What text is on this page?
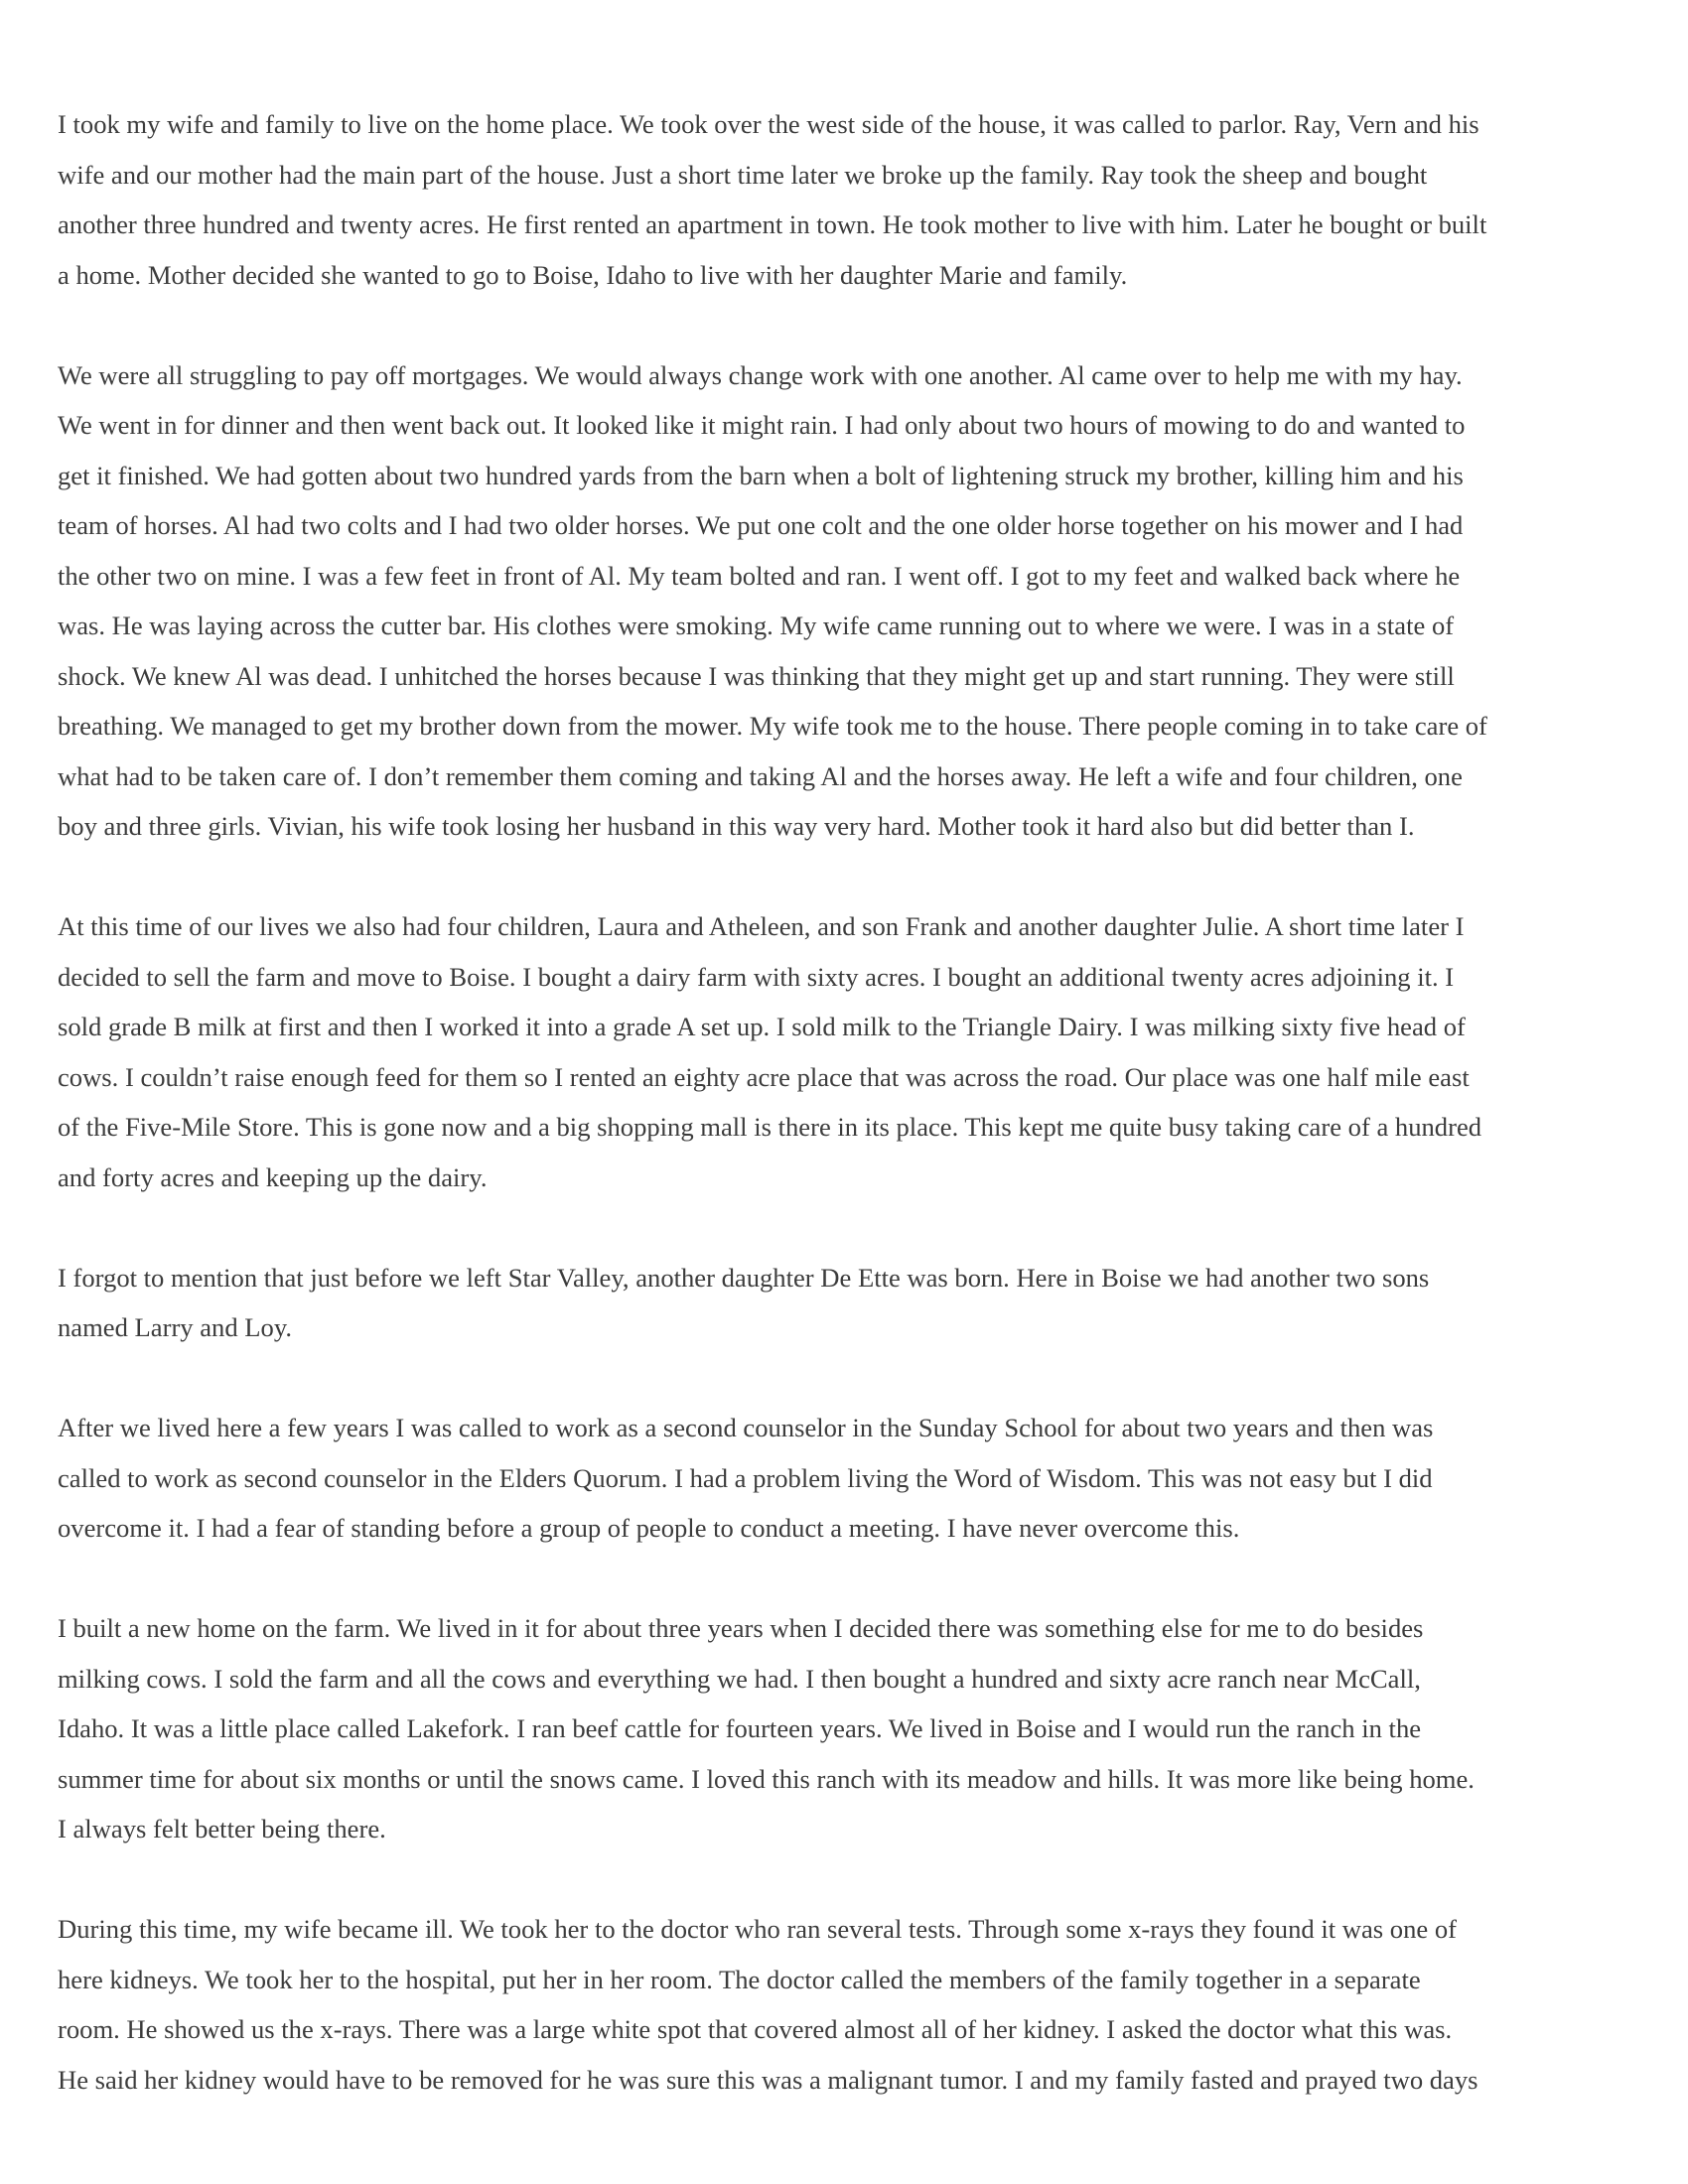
I took my wife and family to live on the home place. We took over the west side of the house, it was called to parlor. Ray, Vern and his
wife and our mother had the main part of the house. Just a short time later we broke up the family. Ray took the sheep and bought
another three hundred and twenty acres. He first rented an apartment in town. He took mother to live with him. Later he bought or built
a home. Mother decided she wanted to go to Boise, Idaho to live with her daughter Marie and family.
We were all struggling to pay off mortgages. We would always change work with one another. Al came over to help me with my hay.
We went in for dinner and then went back out. It looked like it might rain. I had only about two hours of mowing to do and wanted to
get it finished. We had gotten about two hundred yards from the barn when a bolt of lightening struck my brother, killing him and his
team of horses. Al had two colts and I had two older horses. We put one colt and the one older horse together on his mower and I had
the other two on mine. I was a few feet in front of Al. My team bolted and ran. I went off. I got to my feet and walked back where he
was. He was laying across the cutter bar. His clothes were smoking. My wife came running out to where we were. I was in a state of
shock. We knew Al was dead. I unhitched the horses because I was thinking that they might get up and start running. They were still
breathing. We managed to get my brother down from the mower. My wife took me to the house. There people coming in to take care of
what had to be taken care of. I don’t remember them coming and taking Al and the horses away. He left a wife and four children, one
boy and three girls. Vivian, his wife took losing her husband in this way very hard. Mother took it hard also but did better than I.
At this time of our lives we also had four children, Laura and Atheleen, and son Frank and another daughter Julie. A short time later I
decided to sell the farm and move to Boise. I bought a dairy farm with sixty acres. I bought an additional twenty acres adjoining it. I
sold grade B milk at first and then I worked it into a grade A set up. I sold milk to the Triangle Dairy. I was milking sixty five head of
cows. I couldn’t raise enough feed for them so I rented an eighty acre place that was across the road. Our place was one half mile east
of the Five-Mile Store. This is gone now and a big shopping mall is there in its place. This kept me quite busy taking care of a hundred
and forty acres and keeping up the dairy.
I forgot to mention that just before we left Star Valley, another daughter De Ette was born. Here in Boise we had another two sons
named Larry and Loy.
After we lived here a few years I was called to work as a second counselor in the Sunday School for about two years and then was
called to work as second counselor in the Elders Quorum. I had a problem living the Word of Wisdom. This was not easy but I did
overcome it. I had a fear of standing before a group of people to conduct a meeting. I have never overcome this.
I built a new home on the farm. We lived in it for about three years when I decided there was something else for me to do besides
milking cows. I sold the farm and all the cows and everything we had. I then bought a hundred and sixty acre ranch near McCall,
Idaho. It was a little place called Lakefork. I ran beef cattle for fourteen years. We lived in Boise and I would run the ranch in the
summer time for about six months or until the snows came. I loved this ranch with its meadow and hills. It was more like being home.
I always felt better being there.
During this time, my wife became ill. We took her to the doctor who ran several tests. Through some x-rays they found it was one of
here kidneys. We took her to the hospital, put her in her room. The doctor called the members of the family together in a separate
room. He showed us the x-rays. There was a large white spot that covered almost all of her kidney. I asked the doctor what this was.
He said her kidney would have to be removed for he was sure this was a malignant tumor. I and my family fasted and prayed two days
